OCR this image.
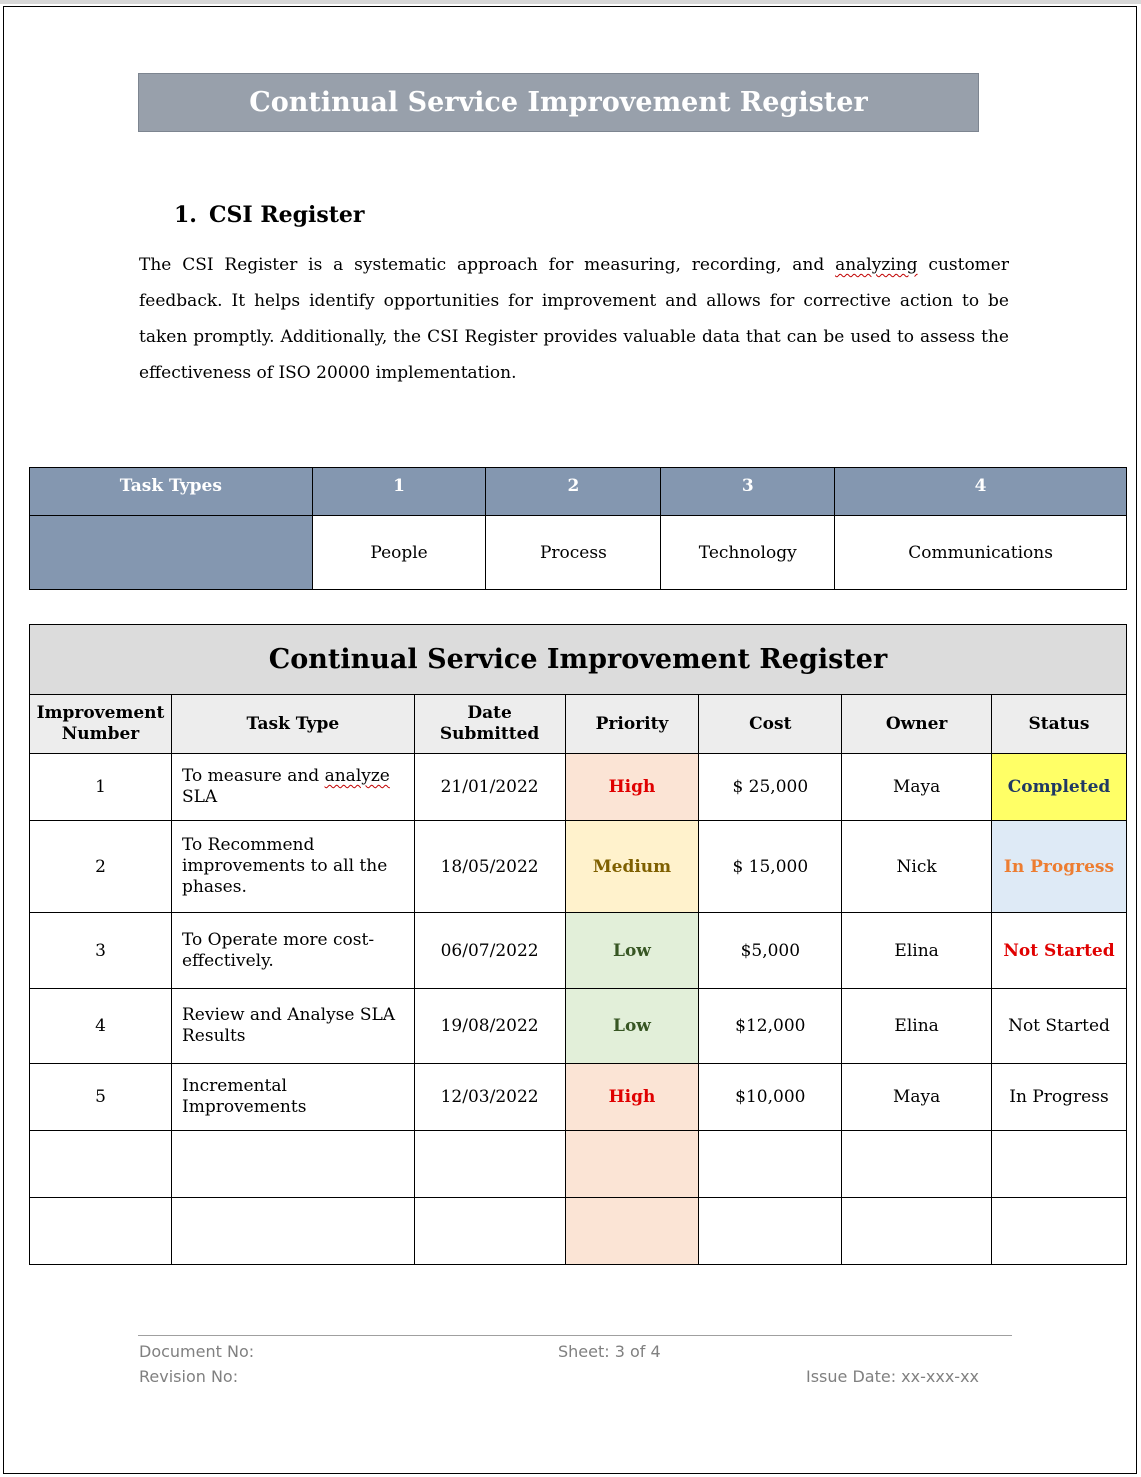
Continual Service Improvement Register
1. CSI Register
The CSI Register is a systematic approach for measuring, recording, and analyzing customer feedback. It helps identify opportunities for improvement and allows for corrective action to be taken promptly. Additionally, the CSI Register provides valuable data that can be used to assess the effectiveness of ISO 20000 implementation.
Task Types	1	2	3	4
	People	Process	Technology	Communications
Continual Service Improvement Register						
Improvement Number	Task Type	Date Submitted	Priority	Cost	Owner	Status
1	To measure and analyze SLA	21/01/2022	High	$ 25,000	Maya	Completed
2	To Recommend improvements to all the phases.	18/05/2022	Medium	$ 15,000	Nick	In Progress
3	To Operate more cost-effectively.	06/07/2022	Low	$5,000	Elina	Not Started
4	Review and Analyse SLA Results	19/08/2022	Low	$12,000	Elina	Not Started
5	Incremental Improvements	12/03/2022	High	$10,000	Maya	In Progress

Document No:
Revision No:
Sheet: 3 of 4
Issue Date: xx-xxx-xx
